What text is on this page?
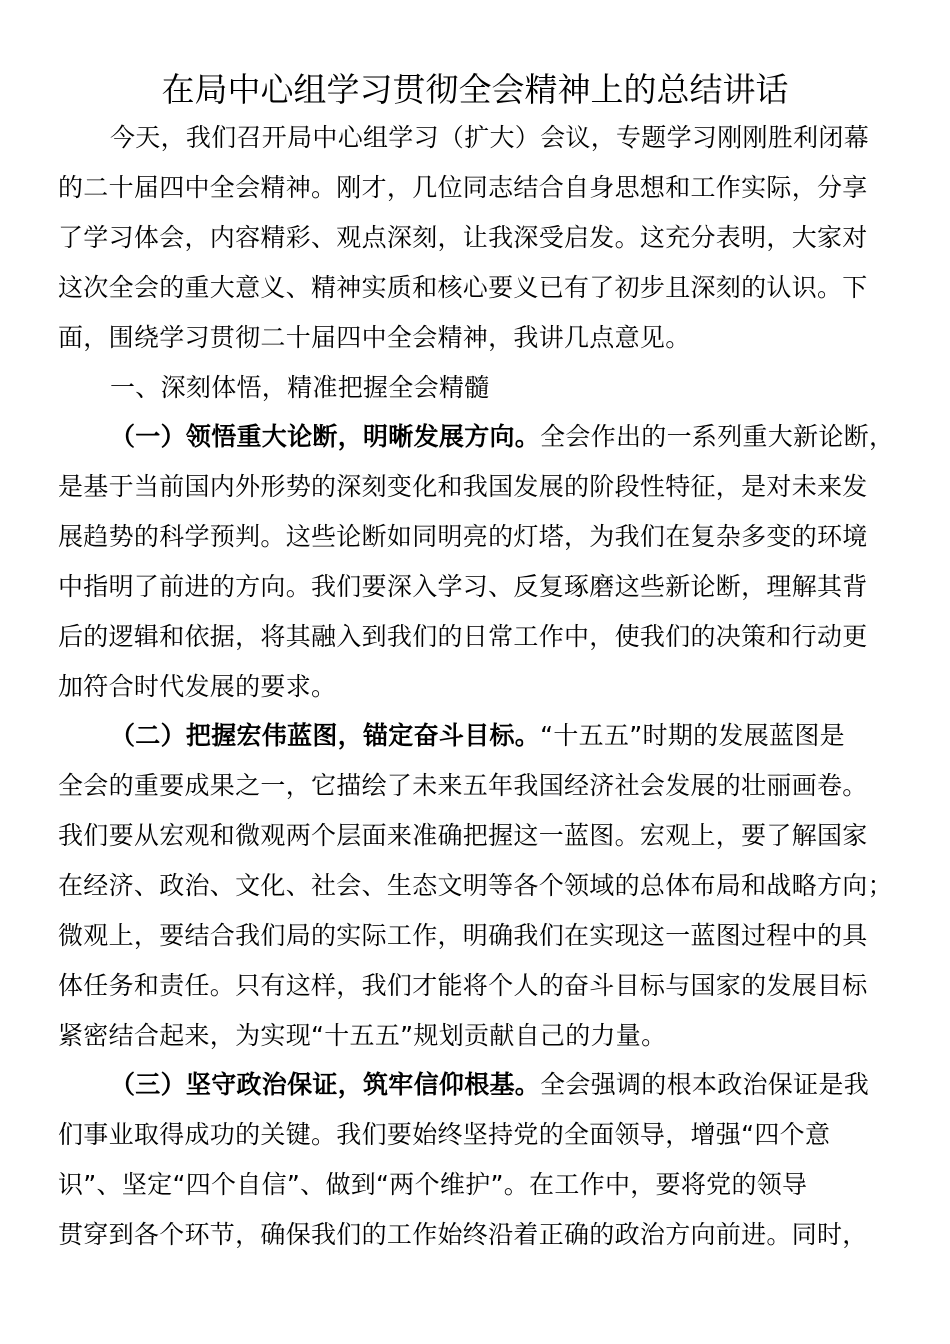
在局中心组学习贯彻全会精神上的总结讲话
今天，我们召开局中心组学习（扩大）会议，专题学习刚刚胜利闭幕
的二十届四中全会精神。刚才，几位同志结合自身思想和工作实际，分享
了学习体会，内容精彩、观点深刻，让我深受启发。这充分表明，大家对
这次全会的重大意义、精神实质和核心要义已有了初步且深刻的认识。下
面，围绕学习贯彻二十届四中全会精神，我讲几点意见。
一、深刻体悟，精准把握全会精髓
（一）领悟重大论断，明晰发展方向。全会作出的一系列重大新论断，
是基于当前国内外形势的深刻变化和我国发展的阶段性特征，是对未来发
展趋势的科学预判。这些论断如同明亮的灯塔，为我们在复杂多变的环境
中指明了前进的方向。我们要深入学习、反复琢磨这些新论断，理解其背
后的逻辑和依据，将其融入到我们的日常工作中，使我们的决策和行动更
加符合时代发展的要求。
（二）把握宏伟蓝图，锚定奋斗目标。“十五五”时期的发展蓝图是
全会的重要成果之一，它描绘了未来五年我国经济社会发展的壮丽画卷。
我们要从宏观和微观两个层面来准确把握这一蓝图。宏观上，要了解国家
在经济、政治、文化、社会、生态文明等各个领域的总体布局和战略方向；
微观上，要结合我们局的实际工作，明确我们在实现这一蓝图过程中的具
体任务和责任。只有这样，我们才能将个人的奋斗目标与国家的发展目标
紧密结合起来，为实现“十五五”规划贡献自己的力量。
（三）坚守政治保证，筑牢信仰根基。全会强调的根本政治保证是我
们事业取得成功的关键。我们要始终坚持党的全面领导，增强“四个意
识”、坚定“四个自信”、做到“两个维护”。在工作中，要将党的领导
贯穿到各个环节，确保我们的工作始终沿着正确的政治方向前进。同时，
